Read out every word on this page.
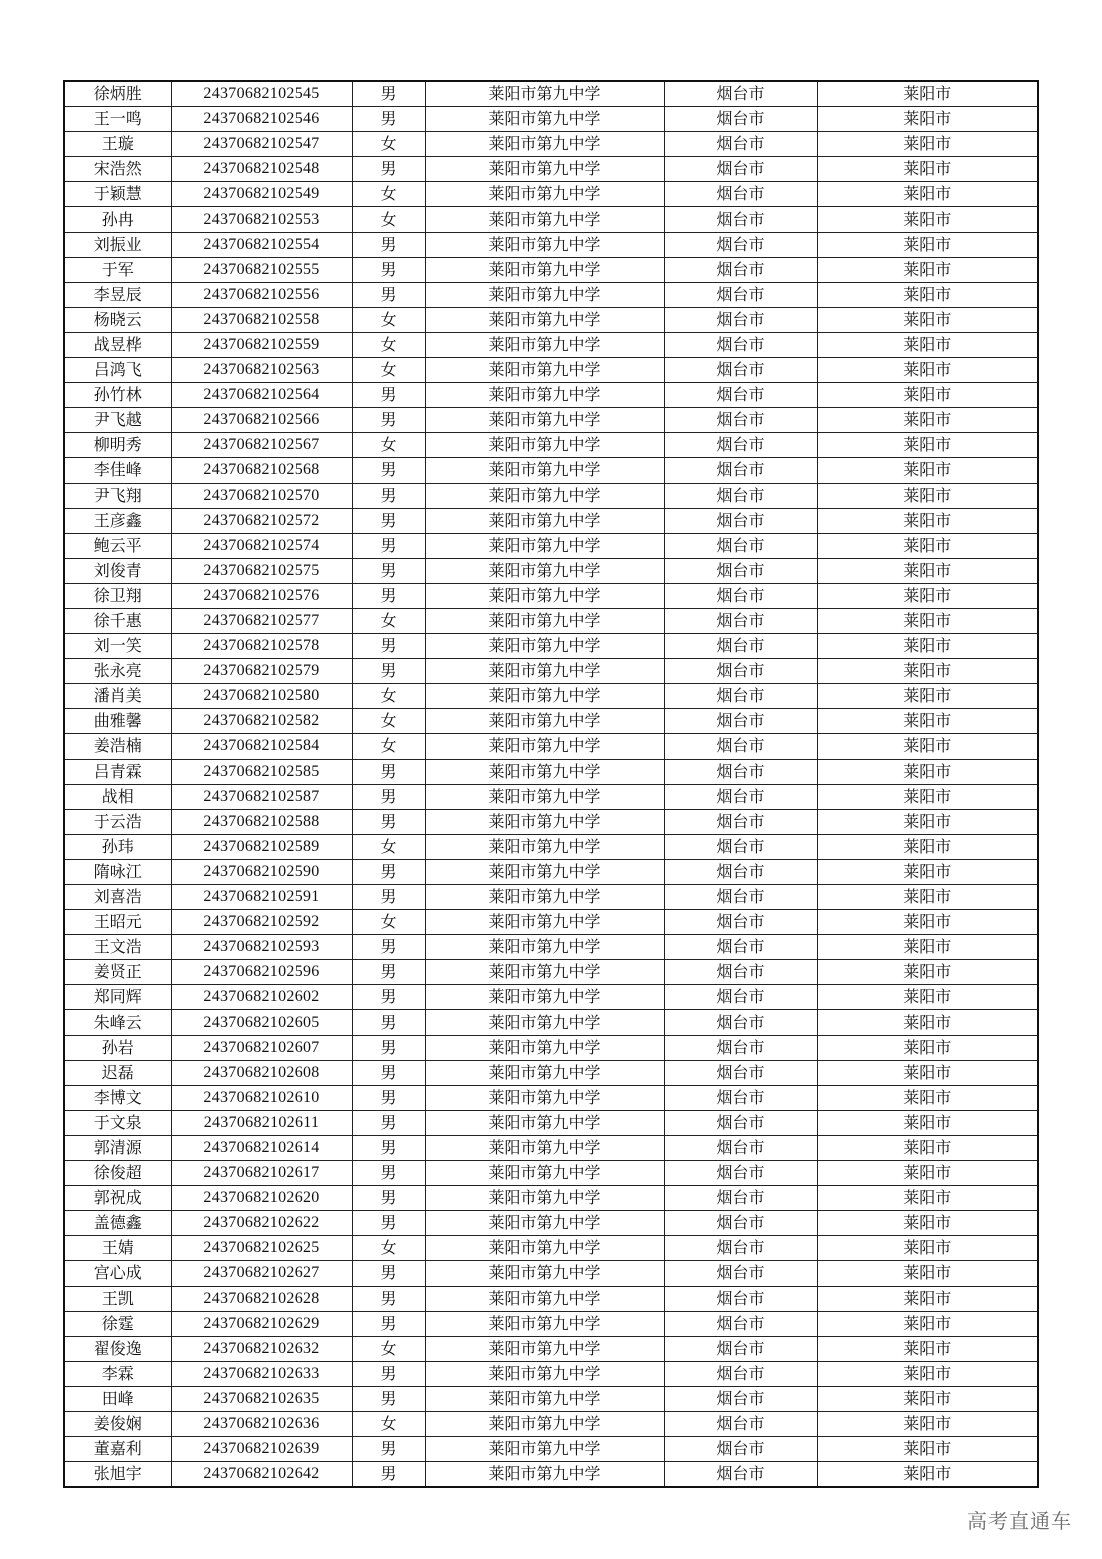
徐炳胜	24370682102545	男	莱阳市第九中学	烟台市	莱阳市
王一鸣	24370682102546	男	莱阳市第九中学	烟台市	莱阳市
王璇	24370682102547	女	莱阳市第九中学	烟台市	莱阳市
宋浩然	24370682102548	男	莱阳市第九中学	烟台市	莱阳市
于颖慧	24370682102549	女	莱阳市第九中学	烟台市	莱阳市
孙冉	24370682102553	女	莱阳市第九中学	烟台市	莱阳市
刘振业	24370682102554	男	莱阳市第九中学	烟台市	莱阳市
于军	24370682102555	男	莱阳市第九中学	烟台市	莱阳市
李昱辰	24370682102556	男	莱阳市第九中学	烟台市	莱阳市
杨晓云	24370682102558	女	莱阳市第九中学	烟台市	莱阳市
战昱桦	24370682102559	女	莱阳市第九中学	烟台市	莱阳市
吕鸿飞	24370682102563	女	莱阳市第九中学	烟台市	莱阳市
孙竹林	24370682102564	男	莱阳市第九中学	烟台市	莱阳市
尹飞越	24370682102566	男	莱阳市第九中学	烟台市	莱阳市
柳明秀	24370682102567	女	莱阳市第九中学	烟台市	莱阳市
李佳峰	24370682102568	男	莱阳市第九中学	烟台市	莱阳市
尹飞翔	24370682102570	男	莱阳市第九中学	烟台市	莱阳市
王彦鑫	24370682102572	男	莱阳市第九中学	烟台市	莱阳市
鲍云平	24370682102574	男	莱阳市第九中学	烟台市	莱阳市
刘俊青	24370682102575	男	莱阳市第九中学	烟台市	莱阳市
徐卫翔	24370682102576	男	莱阳市第九中学	烟台市	莱阳市
徐千惠	24370682102577	女	莱阳市第九中学	烟台市	莱阳市
刘一笑	24370682102578	男	莱阳市第九中学	烟台市	莱阳市
张永亮	24370682102579	男	莱阳市第九中学	烟台市	莱阳市
潘肖美	24370682102580	女	莱阳市第九中学	烟台市	莱阳市
曲雅馨	24370682102582	女	莱阳市第九中学	烟台市	莱阳市
姜浩楠	24370682102584	女	莱阳市第九中学	烟台市	莱阳市
吕青霖	24370682102585	男	莱阳市第九中学	烟台市	莱阳市
战相	24370682102587	男	莱阳市第九中学	烟台市	莱阳市
于云浩	24370682102588	男	莱阳市第九中学	烟台市	莱阳市
孙玮	24370682102589	女	莱阳市第九中学	烟台市	莱阳市
隋咏江	24370682102590	男	莱阳市第九中学	烟台市	莱阳市
刘喜浩	24370682102591	男	莱阳市第九中学	烟台市	莱阳市
王昭元	24370682102592	女	莱阳市第九中学	烟台市	莱阳市
王文浩	24370682102593	男	莱阳市第九中学	烟台市	莱阳市
姜贤正	24370682102596	男	莱阳市第九中学	烟台市	莱阳市
郑同辉	24370682102602	男	莱阳市第九中学	烟台市	莱阳市
朱峰云	24370682102605	男	莱阳市第九中学	烟台市	莱阳市
孙岩	24370682102607	男	莱阳市第九中学	烟台市	莱阳市
迟磊	24370682102608	男	莱阳市第九中学	烟台市	莱阳市
李博文	24370682102610	男	莱阳市第九中学	烟台市	莱阳市
于文泉	24370682102611	男	莱阳市第九中学	烟台市	莱阳市
郭清源	24370682102614	男	莱阳市第九中学	烟台市	莱阳市
徐俊超	24370682102617	男	莱阳市第九中学	烟台市	莱阳市
郭祝成	24370682102620	男	莱阳市第九中学	烟台市	莱阳市
盖德鑫	24370682102622	男	莱阳市第九中学	烟台市	莱阳市
王婧	24370682102625	女	莱阳市第九中学	烟台市	莱阳市
宫心成	24370682102627	男	莱阳市第九中学	烟台市	莱阳市
王凯	24370682102628	男	莱阳市第九中学	烟台市	莱阳市
徐霆	24370682102629	男	莱阳市第九中学	烟台市	莱阳市
翟俊逸	24370682102632	女	莱阳市第九中学	烟台市	莱阳市
李霖	24370682102633	男	莱阳市第九中学	烟台市	莱阳市
田峰	24370682102635	男	莱阳市第九中学	烟台市	莱阳市
姜俊娴	24370682102636	女	莱阳市第九中学	烟台市	莱阳市
董嘉利	24370682102639	男	莱阳市第九中学	烟台市	莱阳市
张旭宇	24370682102642	男	莱阳市第九中学	烟台市	莱阳市
高考直通车
